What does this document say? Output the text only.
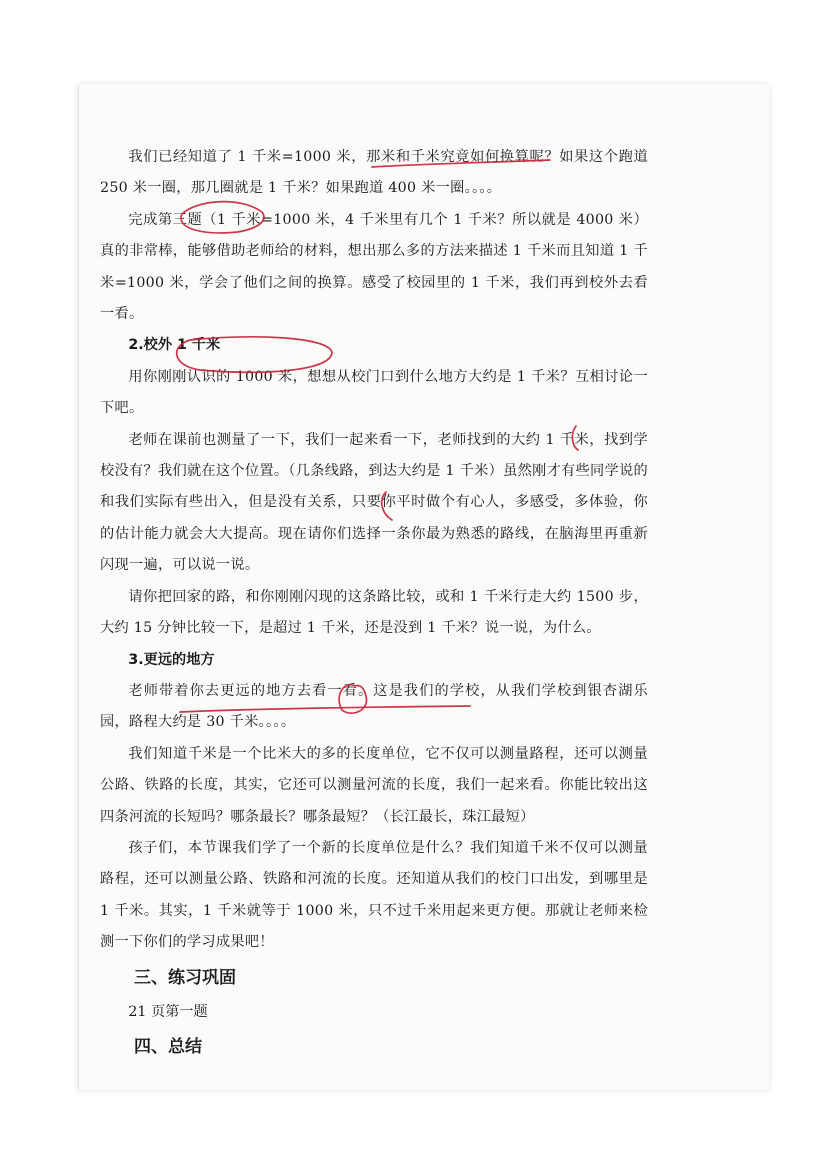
我们已经知道了 1 千米=1000 米，那米和千米究竟如何换算呢？如果这个跑道 250 米一圈，那几圈就是 1 千米？如果跑道 400 米一圈。。。。

完成第三题（1 千米=1000 米，4 千米里有几个 1 千米？所以就是 4000 米）真的非常棒，能够借助老师给的材料，想出那么多的方法来描述 1 千米而且知道 1 千米=1000 米，学会了他们之间的换算。感受了校园里的 1 千米，我们再到校外去看一看。

2.校外 1 千米

用你刚刚认识的 1000 米，想想从校门口到什么地方大约是 1 千米？互相讨论一下吧。

老师在课前也测量了一下，我们一起来看一下，老师找到的大约 1 千米，找到学校没有？我们就在这个位置。（几条线路，到达大约是 1 千米）虽然刚才有些同学说的和我们实际有些出入，但是没有关系，只要你平时做个有心人，多感受，多体验，你的估计能力就会大大提高。现在请你们选择一条你最为熟悉的路线，在脑海里再重新闪现一遍，可以说一说。

请你把回家的路，和你刚刚闪现的这条路比较，或和 1 千米行走大约 1500 步，大约 15 分钟比较一下，是超过 1 千米，还是没到 1 千米？说一说，为什么。

3.更远的地方

老师带着你去更远的地方去看一看。这是我们的学校，从我们学校到银杏湖乐园，路程大约是 30 千米。。。。

我们知道千米是一个比米大的多的长度单位，它不仅可以测量路程，还可以测量公路、铁路的长度，其实，它还可以测量河流的长度，我们一起来看。你能比较出这四条河流的长短吗？哪条最长？哪条最短？（长江最长，珠江最短）

孩子们，本节课我们学了一个新的长度单位是什么？我们知道千米不仅可以测量路程，还可以测量公路、铁路和河流的长度。还知道从我们的校门口出发，到哪里是 1 千米。其实，1 千米就等于 1000 米，只不过千米用起来更方便。那就让老师来检测一下你们的学习成果吧！

三、练习巩固

21 页第一题

四、总结
